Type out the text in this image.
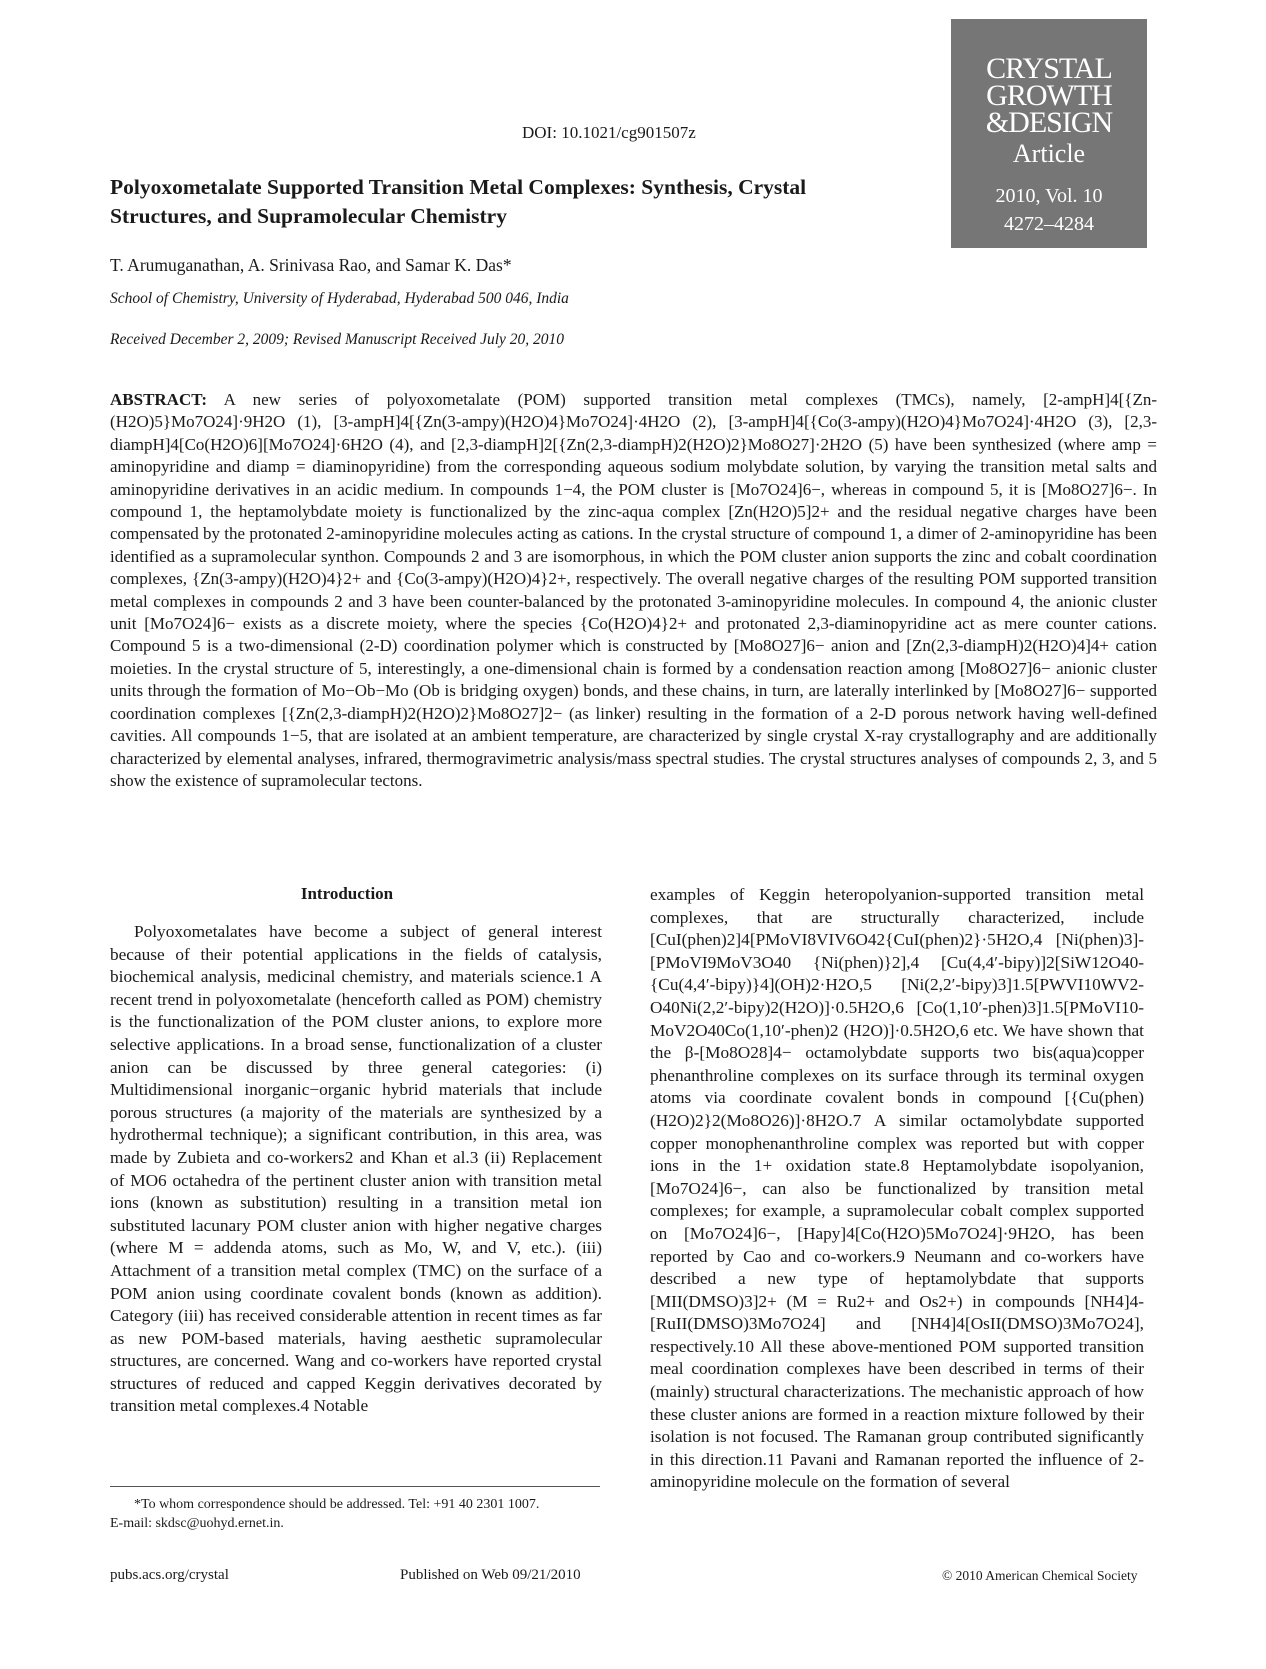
DOI: 10.1021/cg901507z
Polyoxometalate Supported Transition Metal Complexes: Synthesis, Crystal Structures, and Supramolecular Chemistry
T. Arumuganathan, A. Srinivasa Rao, and Samar K. Das*
School of Chemistry, University of Hyderabad, Hyderabad 500 046, India
Received December 2, 2009; Revised Manuscript Received July 20, 2010
CRYSTAL
GROWTH
&DESIGN
Article
2010, Vol. 10
4272–4284
ABSTRACT: A new series of polyoxometalate (POM) supported transition metal complexes (TMCs), namely, [2-ampH]4[{Zn-(H2O)5}Mo7O24]·9H2O (1), [3-ampH]4[{Zn(3-ampy)(H2O)4}Mo7O24]·4H2O (2), [3-ampH]4[{Co(3-ampy)(H2O)4}Mo7O24]·4H2O (3), [2,3-diampH]4[Co(H2O)6][Mo7O24]·6H2O (4), and [2,3-diampH]2[{Zn(2,3-diampH)2(H2O)2}Mo8O27]·2H2O (5) have been synthesized (where amp = aminopyridine and diamp = diaminopyridine) from the corresponding aqueous sodium molybdate solution, by varying the transition metal salts and aminopyridine derivatives in an acidic medium. In compounds 1−4, the POM cluster is [Mo7O24]6−, whereas in compound 5, it is [Mo8O27]6−. In compound 1, the heptamolybdate moiety is functionalized by the zinc-aqua complex [Zn(H2O)5]2+ and the residual negative charges have been compensated by the protonated 2-aminopyridine molecules acting as cations. In the crystal structure of compound 1, a dimer of 2-aminopyridine has been identified as a supramolecular synthon. Compounds 2 and 3 are isomorphous, in which the POM cluster anion supports the zinc and cobalt coordination complexes, {Zn(3-ampy)(H2O)4}2+ and {Co(3-ampy)(H2O)4}2+, respectively. The overall negative charges of the resulting POM supported transition metal complexes in compounds 2 and 3 have been counter-balanced by the protonated 3-aminopyridine molecules. In compound 4, the anionic cluster unit [Mo7O24]6− exists as a discrete moiety, where the species {Co(H2O)4}2+ and protonated 2,3-diaminopyridine act as mere counter cations. Compound 5 is a two-dimensional (2-D) coordination polymer which is constructed by [Mo8O27]6− anion and [Zn(2,3-diampH)2(H2O)4]4+ cation moieties. In the crystal structure of 5, interestingly, a one-dimensional chain is formed by a condensation reaction among [Mo8O27]6− anionic cluster units through the formation of Mo−Ob−Mo (Ob is bridging oxygen) bonds, and these chains, in turn, are laterally interlinked by [Mo8O27]6− supported coordination complexes [{Zn(2,3-diampH)2(H2O)2}Mo8O27]2− (as linker) resulting in the formation of a 2-D porous network having well-defined cavities. All compounds 1−5, that are isolated at an ambient temperature, are characterized by single crystal X-ray crystallography and are additionally characterized by elemental analyses, infrared, thermogravimetric analysis/mass spectral studies. The crystal structures analyses of compounds 2, 3, and 5 show the existence of supramolecular tectons.
Introduction

Polyoxometalates have become a subject of general interest because of their potential applications in the fields of catalysis, biochemical analysis, medicinal chemistry, and materials science.1 A recent trend in polyoxometalate (henceforth called as POM) chemistry is the functionalization of the POM cluster anions, to explore more selective applications. In a broad sense, functionalization of a cluster anion can be discussed by three general categories: (i) Multidimensional inorganic−organic hybrid materials that include porous structures (a majority of the materials are synthesized by a hydrothermal technique); a significant contribution, in this area, was made by Zubieta and co-workers2 and Khan et al.3 (ii) Replacement of MO6 octahedra of the pertinent cluster anion with transition metal ions (known as substitution) resulting in a transition metal ion substituted lacunary POM cluster anion with higher negative charges (where M = addenda atoms, such as Mo, W, and V, etc.). (iii) Attachment of a transition metal complex (TMC) on the surface of a POM anion using coordinate covalent bonds (known as addition). Category (iii) has received considerable attention in recent times as far as new POM-based materials, having aesthetic supramolecular structures, are concerned. Wang and co-workers have reported crystal structures of reduced and capped Keggin derivatives decorated by transition metal complexes.4 Notable

examples of Keggin heteropolyanion-supported transition metal complexes, that are structurally characterized, include [CuI(phen)2]4[PMoVI8VIV6O42{CuI(phen)2}·5H2O,4 [Ni(phen)3]-[PMoVI9MoV3O40 {Ni(phen)}2],4 [Cu(4,4′-bipy)]2[SiW12O40-{Cu(4,4′-bipy)}4](OH)2·H2O,5 [Ni(2,2′-bipy)3]1.5[PWVI10WV2-O40Ni(2,2′-bipy)2(H2O)]·0.5H2O,6 [Co(1,10′-phen)3]1.5[PMoVI10-MoV2O40Co(1,10′-phen)2 (H2O)]·0.5H2O,6 etc. We have shown that the β-[Mo8O28]4− octamolybdate supports two bis(aqua)copper phenanthroline complexes on its surface through its terminal oxygen atoms via coordinate covalent bonds in compound [{Cu(phen)(H2O)2}2(Mo8O26)]·8H2O.7 A similar octamolybdate supported copper monophenanthroline complex was reported but with copper ions in the 1+ oxidation state.8 Heptamolybdate isopolyanion, [Mo7O24]6−, can also be functionalized by transition metal complexes; for example, a supramolecular cobalt complex supported on [Mo7O24]6−, [Hapy]4[Co(H2O)5Mo7O24]·9H2O, has been reported by Cao and co-workers.9 Neumann and co-workers have described a new type of heptamolybdate that supports [MII(DMSO)3]2+ (M = Ru2+ and Os2+) in compounds [NH4]4-[RuII(DMSO)3Mo7O24] and [NH4]4[OsII(DMSO)3Mo7O24], respectively.10 All these above-mentioned POM supported transition meal coordination complexes have been described in terms of their (mainly) structural characterizations. The mechanistic approach of how these cluster anions are formed in a reaction mixture followed by their isolation is not focused. The Ramanan group contributed significantly in this direction.11 Pavani and Ramanan reported the influence of 2-aminopyridine molecule on the formation of several

*To whom correspondence should be addressed. Tel: +91 40 2301 1007.
E-mail: skdsc@uohyd.ernet.in.
pubs.acs.org/crystal	Published on Web 09/21/2010	© 2010 American Chemical Society
